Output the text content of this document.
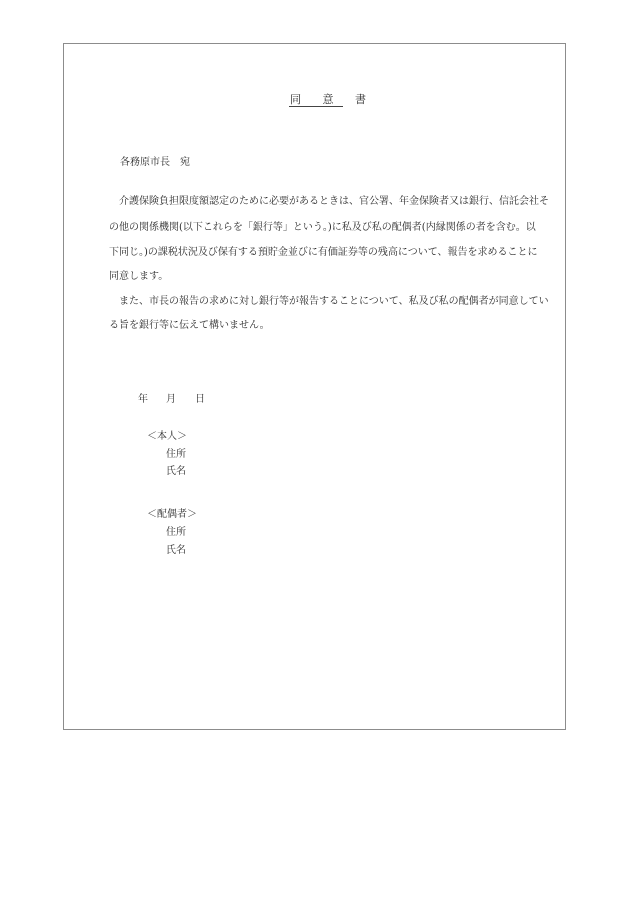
同 意 書
各務原市長　宛
介護保険負担限度額認定のために必要があるときは、官公署、年金保険者又は銀行、信託会社そ
の他の関係機関(以下これらを「銀行等」という。)に私及び私の配偶者(内縁関係の者を含む。以
下同じ。)の課税状況及び保有する預貯金並びに有価証券等の残高について、報告を求めることに
同意します。
また、市長の報告の求めに対し銀行等が報告することについて、私及び私の配偶者が同意してい
る旨を銀行等に伝えて構いません。
年 月 日
＜本人＞
住所
氏名
＜配偶者＞
住所
氏名
